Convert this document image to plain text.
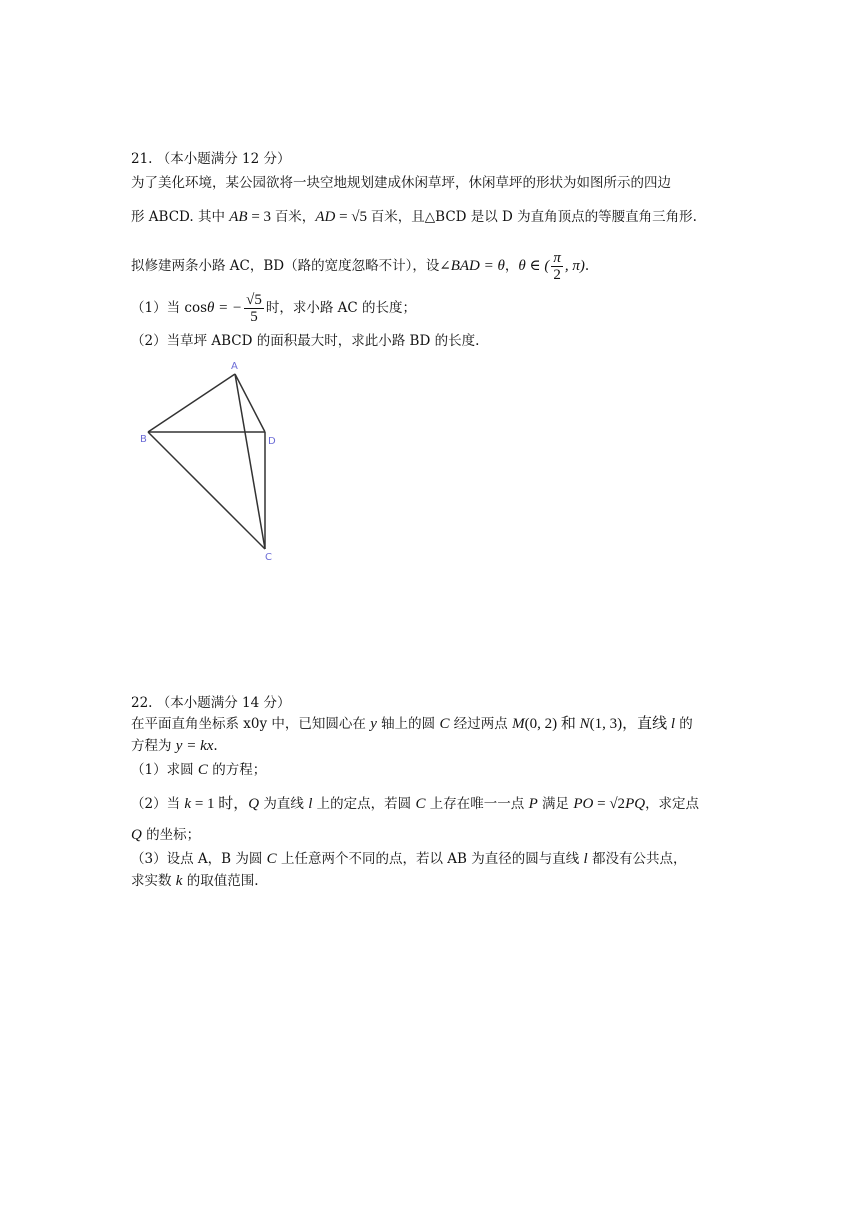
21. （本小题满分 12 分）
为了美化环境，某公园欲将一块空地规划建成休闲草坪，休闲草坪的形状为如图所示的四边
形 ABCD. 其中 AB = 3 百米，AD = √5 百米，且△BCD 是以 D 为直角顶点的等腰直角三角形.
拟修建两条小路 AC，BD（路的宽度忽略不计），设∠BAD = θ，θ ∈ ( $\frac{\pi}{2}$ , π).
（1）当 cosθ = − $\frac{√5}{5}$ 时，求小路 AC 的长度；
（2）当草坪 ABCD 的面积最大时，求此小路 BD 的长度.
A
B	D
C
22. （本小题满分 14 分）
在平面直角坐标系 x0y 中，已知圆心在 y 轴上的圆 C 经过两点 M(0, 2) 和 N(1, 3)，直线 l 的
方程为 y = kx.
（1）求圆 C 的方程；
（2）当 k = 1 时，Q 为直线 l 上的定点，若圆 C 上存在唯一一点 P 满足 PO = √2PQ，求定点
Q 的坐标；
（3）设点 A，B 为圆 C 上任意两个不同的点，若以 AB 为直径的圆与直线 l 都没有公共点，
求实数 k 的取值范围.
